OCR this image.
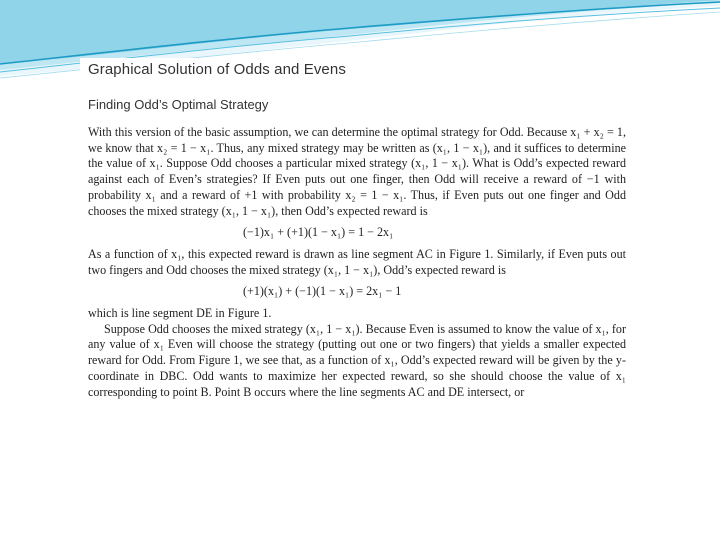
Graphical Solution of Odds and Evens
Finding Odd’s Optimal Strategy

With this version of the basic assumption, we can determine the optimal strategy for Odd. Because x₁ + x₂ = 1, we know that x₂ = 1 − x₁. Thus, any mixed strategy may be written as (x₁, 1 − x₁), and it suffices to determine the value of x₁. Suppose Odd chooses a particular mixed strategy (x₁, 1 − x₁). What is Odd’s expected reward against each of Even’s strategies? If Even puts out one finger, then Odd will receive a reward of −1 with probability x₁ and a reward of +1 with probability x₂ = 1 − x₁. Thus, if Even puts out one finger and Odd chooses the mixed strategy (x₁, 1 − x₁), then Odd’s expected reward is

(−1)x₁ + (+1)(1 − x₁) = 1 − 2x₁

As a function of x₁, this expected reward is drawn as line segment AC in Figure 1. Similarly, if Even puts out two fingers and Odd chooses the mixed strategy (x₁, 1 − x₁), Odd’s expected reward is

(+1)(x₁) + (−1)(1 − x₁) = 2x₁ − 1

which is line segment DE in Figure 1.

Suppose Odd chooses the mixed strategy (x₁, 1 − x₁). Because Even is assumed to know the value of x₁, for any value of x₁ Even will choose the strategy (putting out one or two fingers) that yields a smaller expected reward for Odd. From Figure 1, we see that, as a function of x₁, Odd’s expected reward will be given by the y-coordinate in DBC. Odd wants to maximize her expected reward, so she should choose the value of x₁ corresponding to point B. Point B occurs where the line segments AC and DE intersect, or
